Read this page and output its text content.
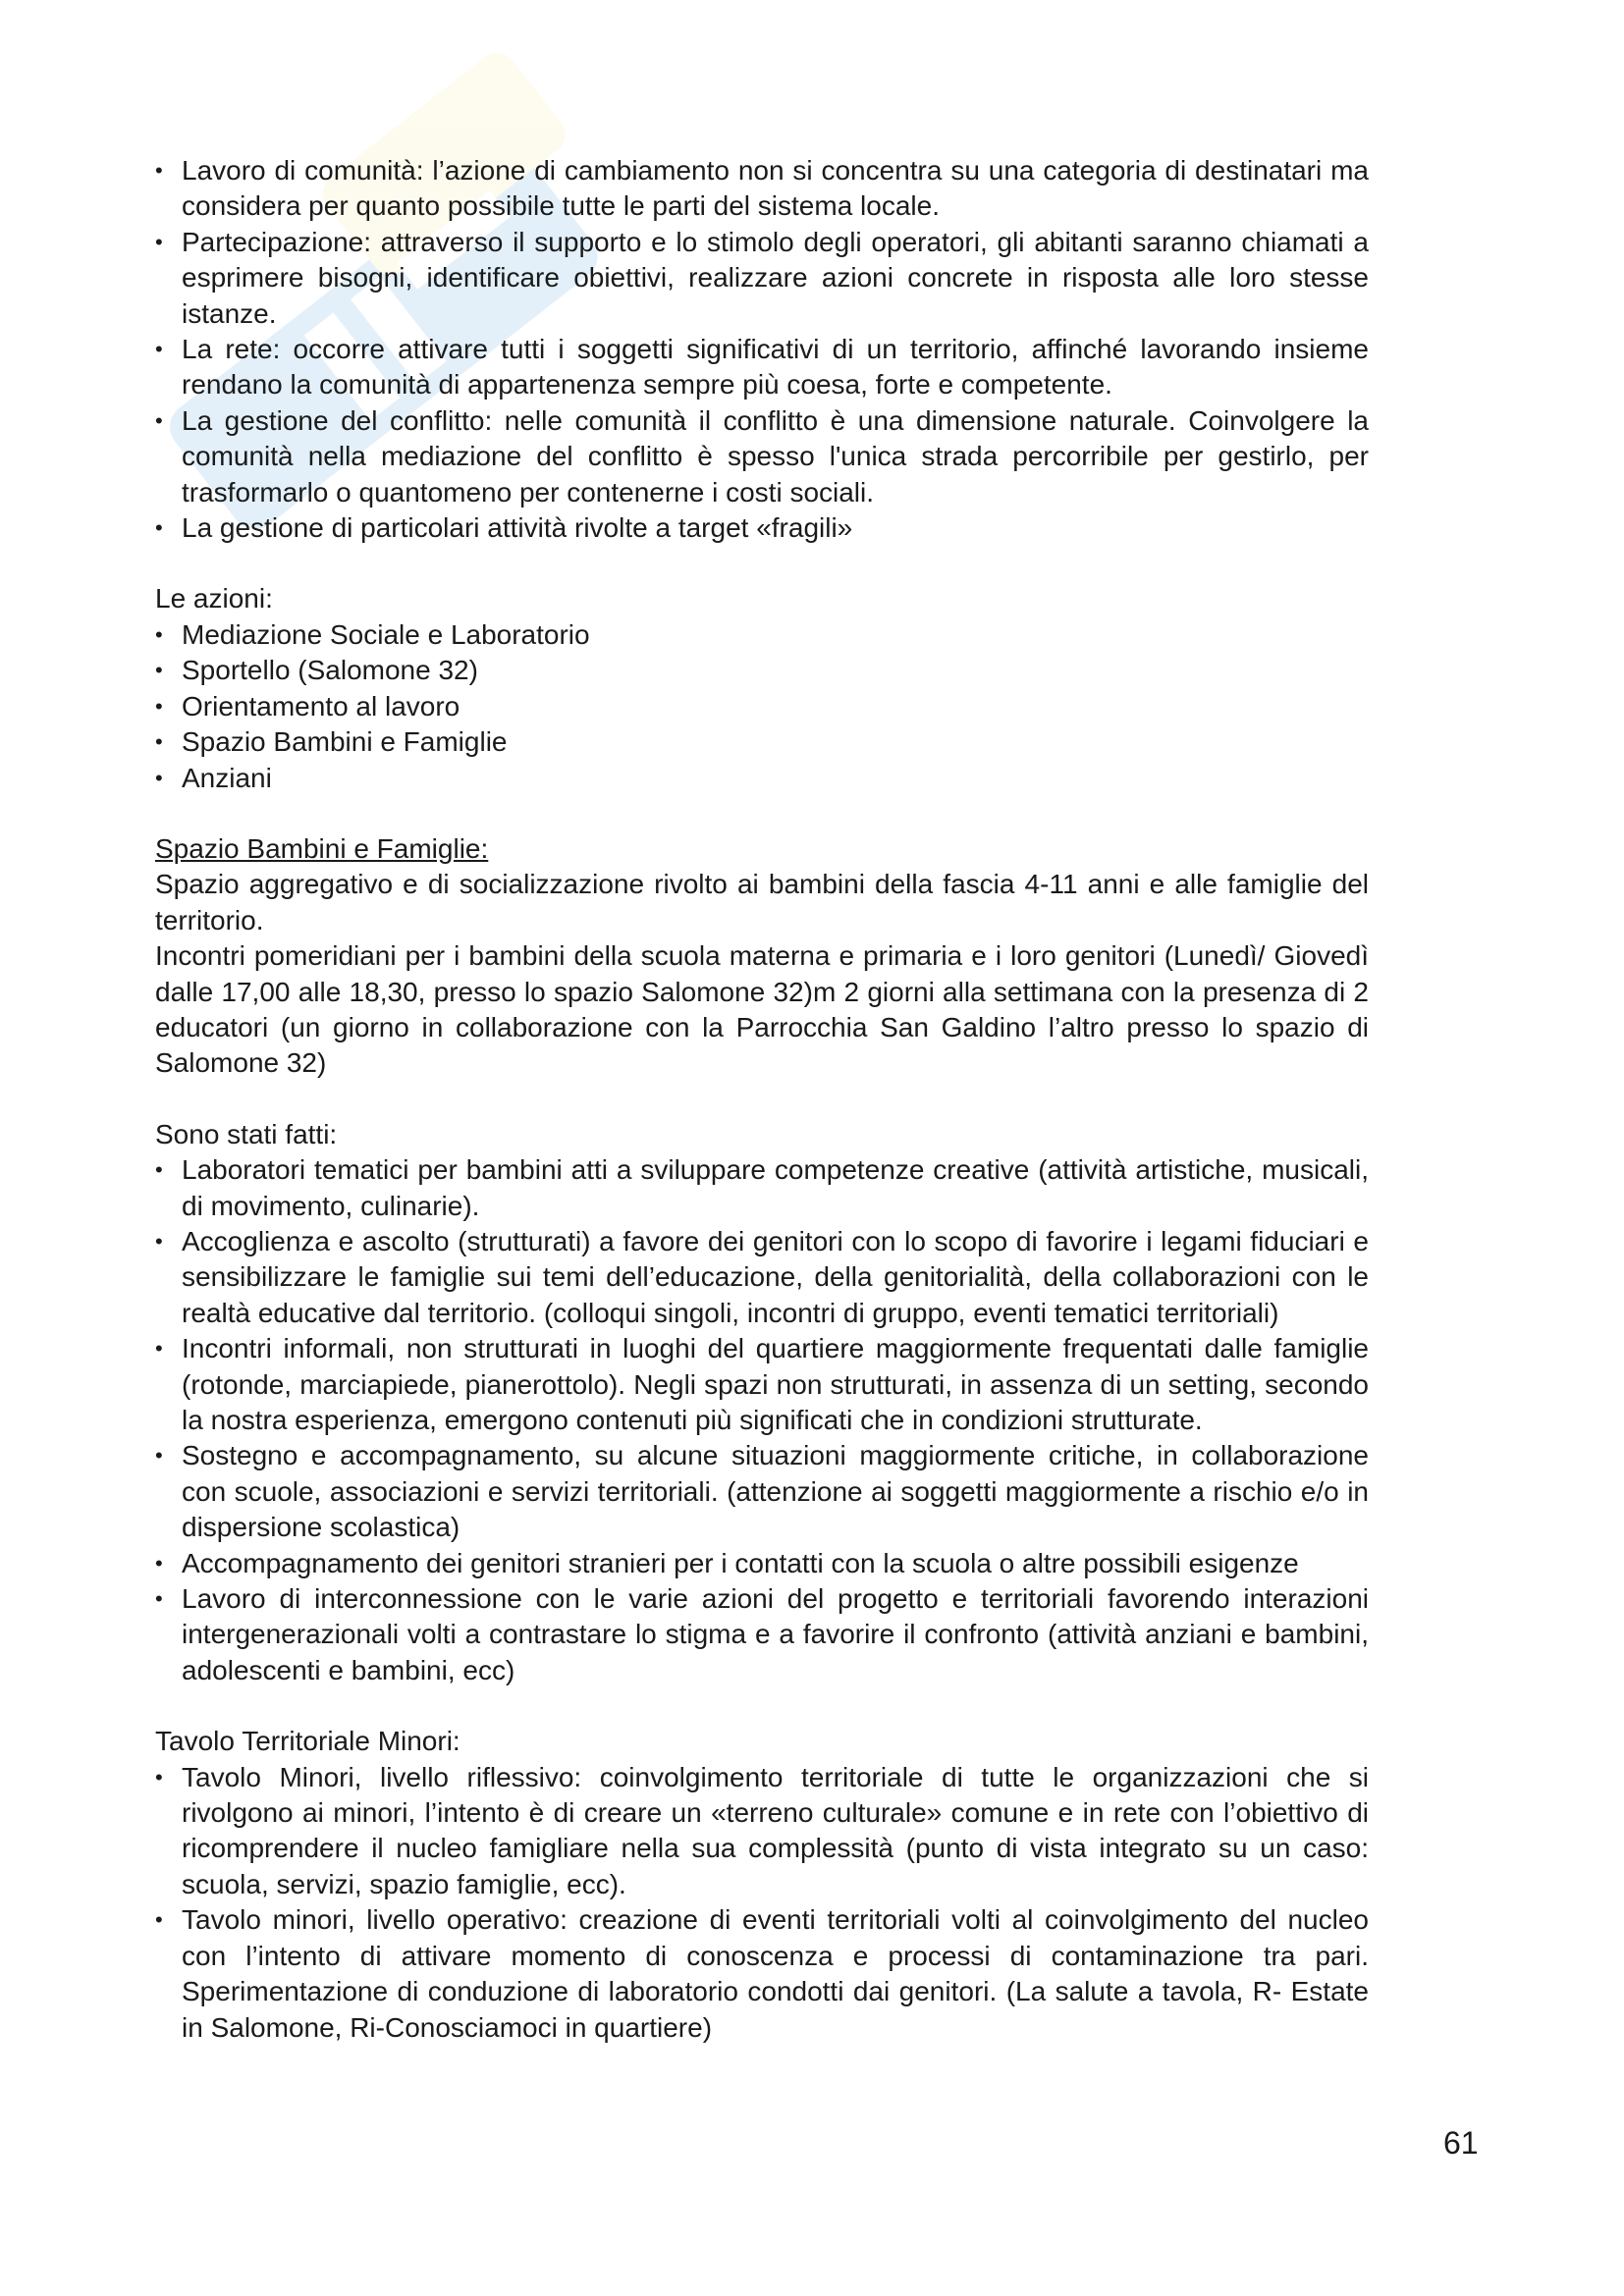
• Lavoro di comunità: l’azione di cambiamento non si concentra su una categoria di destinatari ma considera per quanto possibile tutte le parti del sistema locale.
• Partecipazione: attraverso il supporto e lo stimolo degli operatori, gli abitanti saranno chiamati a esprimere bisogni, identificare obiettivi, realizzare azioni concrete in risposta alle loro stesse istanze.
• La rete: occorre attivare tutti i soggetti significativi di un territorio, affinché lavorando insieme rendano la comunità di appartenenza sempre più coesa, forte e competente.
• La gestione del conflitto: nelle comunità il conflitto è una dimensione naturale. Coinvolgere la comunità nella mediazione del conflitto è spesso l'unica strada percorribile per gestirlo, per trasformarlo o quantomeno per contenerne i costi sociali.
• La gestione di particolari attività rivolte a target «fragili»

Le azioni:

• Mediazione Sociale e Laboratorio
• Sportello (Salomone 32)
• Orientamento al lavoro
• Spazio Bambini e Famiglie
• Anziani

Spazio Bambini e Famiglie:

Spazio aggregativo e di socializzazione rivolto ai bambini della fascia 4-11 anni e alle famiglie del territorio.

Incontri pomeridiani per i bambini della scuola materna e primaria e i loro genitori (Lunedì/ Giovedì dalle 17,00 alle 18,30, presso lo spazio Salomone 32)m 2 giorni alla settimana con la presenza di 2 educatori (un giorno in collaborazione con la Parrocchia San Galdino l’altro presso lo spazio di Salomone 32)

Sono stati fatti:

• Laboratori tematici per bambini atti a sviluppare competenze creative (attività artistiche, musicali, di movimento, culinarie).
• Accoglienza e ascolto (strutturati) a favore dei genitori con lo scopo di favorire i legami fiduciari e sensibilizzare le famiglie sui temi dell’educazione, della genitorialità, della collaborazioni con le realtà educative dal territorio. (colloqui singoli, incontri di gruppo, eventi tematici territoriali)
• Incontri informali, non strutturati in luoghi del quartiere maggiormente frequentati dalle famiglie (rotonde, marciapiede, pianerottolo). Negli spazi non strutturati, in assenza di un setting, secondo la nostra esperienza, emergono contenuti più significati che in condizioni strutturate.
• Sostegno e accompagnamento, su alcune situazioni maggiormente critiche, in collaborazione con scuole, associazioni e servizi territoriali. (attenzione ai soggetti maggiormente a rischio e/o in dispersione scolastica)
• Accompagnamento dei genitori stranieri per i contatti con la scuola o altre possibili esigenze
• Lavoro di interconnessione con le varie azioni del progetto e territoriali favorendo interazioni intergenerazionali volti a contrastare lo stigma e a favorire il confronto (attività anziani e bambini, adolescenti e bambini, ecc)

Tavolo Territoriale Minori:

• Tavolo Minori, livello riflessivo: coinvolgimento territoriale di tutte le organizzazioni che si rivolgono ai minori, l’intento è di creare un «terreno culturale» comune e in rete con l’obiettivo di ricomprendere il nucleo famigliare nella sua complessità (punto di vista integrato su un caso: scuola, servizi, spazio famiglie, ecc).
• Tavolo minori, livello operativo: creazione di eventi territoriali volti al coinvolgimento del nucleo con l’intento di attivare momento di conoscenza e processi di contaminazione tra pari. Sperimentazione di conduzione di laboratorio condotti dai genitori. (La salute a tavola, R- Estate in Salomone, Ri-Conosciamoci in quartiere)
61
